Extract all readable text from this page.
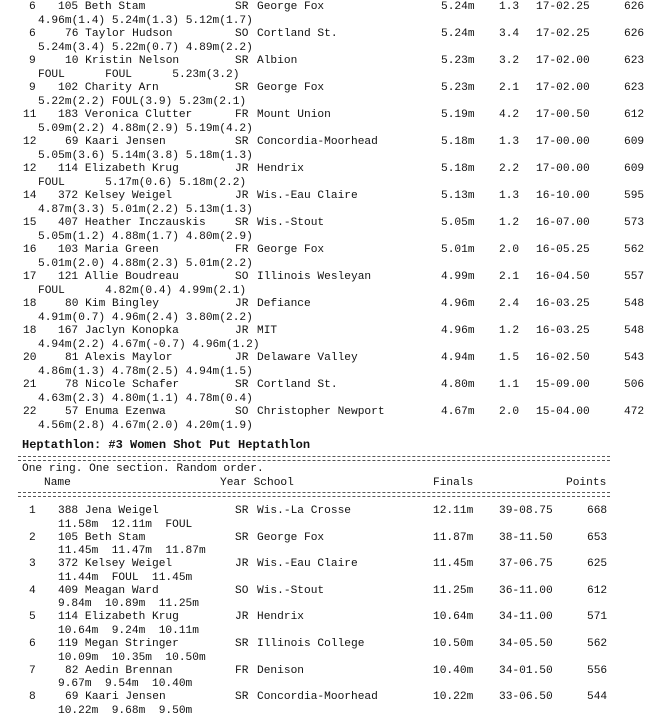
6 105 Beth Stam	SR George Fox	5.24m 1.3 17-02.25	626
4.96m(1.4) 5.24m(1.3) 5.12m(1.7)
6	76 Taylor Hudson	SO Cortland St.	5.24m 3.4 17-02.25	626
5.24m(3.4) 5.22m(0.7) 4.89m(2.2)
9	10 Kristin Nelson	SR Albion	5.23m 3.2 17-02.00	623
FOUL      FOUL      5.23m(3.2)
9 102 Charity Arn	SR George Fox	5.23m 2.1 17-02.00	623
5.22m(2.2) FOUL(3.9) 5.23m(2.1)
11 183 Veronica Clutter	FR Mount Union	5.19m 4.2 17-00.50	612
5.09m(2.2) 4.88m(2.9) 5.19m(4.2)
12	69 Kaari Jensen	SR Concordia-Moorhead	5.18m 1.3 17-00.00	609
5.05m(3.6) 5.14m(3.8) 5.18m(1.3)
12 114 Elizabeth Krug	JR Hendrix	5.18m 2.2 17-00.00	609
FOUL      5.17m(0.6) 5.18m(2.2)
14 372 Kelsey Weigel	JR Wis.-Eau Claire	5.13m 1.3 16-10.00	595
4.87m(3.3) 5.01m(2.2) 5.13m(1.3)
15 407 Heather Inczauskis	SR Wis.-Stout	5.05m 1.2 16-07.00	573
5.05m(1.2) 4.88m(1.7) 4.80m(2.9)
16 103 Maria Green	FR George Fox	5.01m 2.0 16-05.25	562
5.01m(2.0) 4.88m(2.3) 5.01m(2.2)
17 121 Allie Boudreau	SO Illinois Wesleyan	4.99m 2.1 16-04.50	557
FOUL      4.82m(0.4) 4.99m(2.1)
18	80 Kim Bingley	JR Defiance	4.96m 2.4 16-03.25	548
4.91m(0.7) 4.96m(2.4) 3.80m(2.2)
18 167 Jaclyn Konopka	JR MIT	4.96m 1.2 16-03.25	548
4.94m(2.2) 4.67m(-0.7) 4.96m(1.2)
20	81 Alexis Maylor	JR Delaware Valley	4.94m 1.5 16-02.50	543
4.86m(1.3) 4.78m(2.5) 4.94m(1.5)
21	78 Nicole Schafer	SR Cortland St.	4.80m 1.1 15-09.00	506
4.63m(2.3) 4.80m(1.1) 4.78m(0.4)
22	57 Enuma Ezenwa	SO Christopher Newport	4.67m 2.0 15-04.00	472
4.56m(2.8) 4.67m(2.0) 4.20m(1.9)
Heptathlon: #3 Women Shot Put Heptathlon
One ring. One section. Random order.
Name	Year School	Finals	Points
1 388 Jena Weigel	SR Wis.-La Crosse	12.11m 39-08.75	668
11.58m  12.11m  FOUL
2 105 Beth Stam	SR George Fox	11.87m 38-11.50	653
11.45m  11.47m  11.87m
3 372 Kelsey Weigel	JR Wis.-Eau Claire	11.45m 37-06.75	625
11.44m  FOUL  11.45m
4 409 Meagan Ward	SO Wis.-Stout	11.25m 36-11.00	612
9.84m  10.89m  11.25m
5 114 Elizabeth Krug	JR Hendrix	10.64m 34-11.00	571
10.64m  9.24m  10.11m
6 119 Megan Stringer	SR Illinois College	10.50m 34-05.50	562
10.09m  10.35m  10.50m
7	82 Aedin Brennan	FR Denison	10.40m 34-01.50	556
9.67m  9.54m  10.40m
8	69 Kaari Jensen	SR Concordia-Moorhead	10.22m 33-06.50	544
10.22m  9.68m  9.50m
